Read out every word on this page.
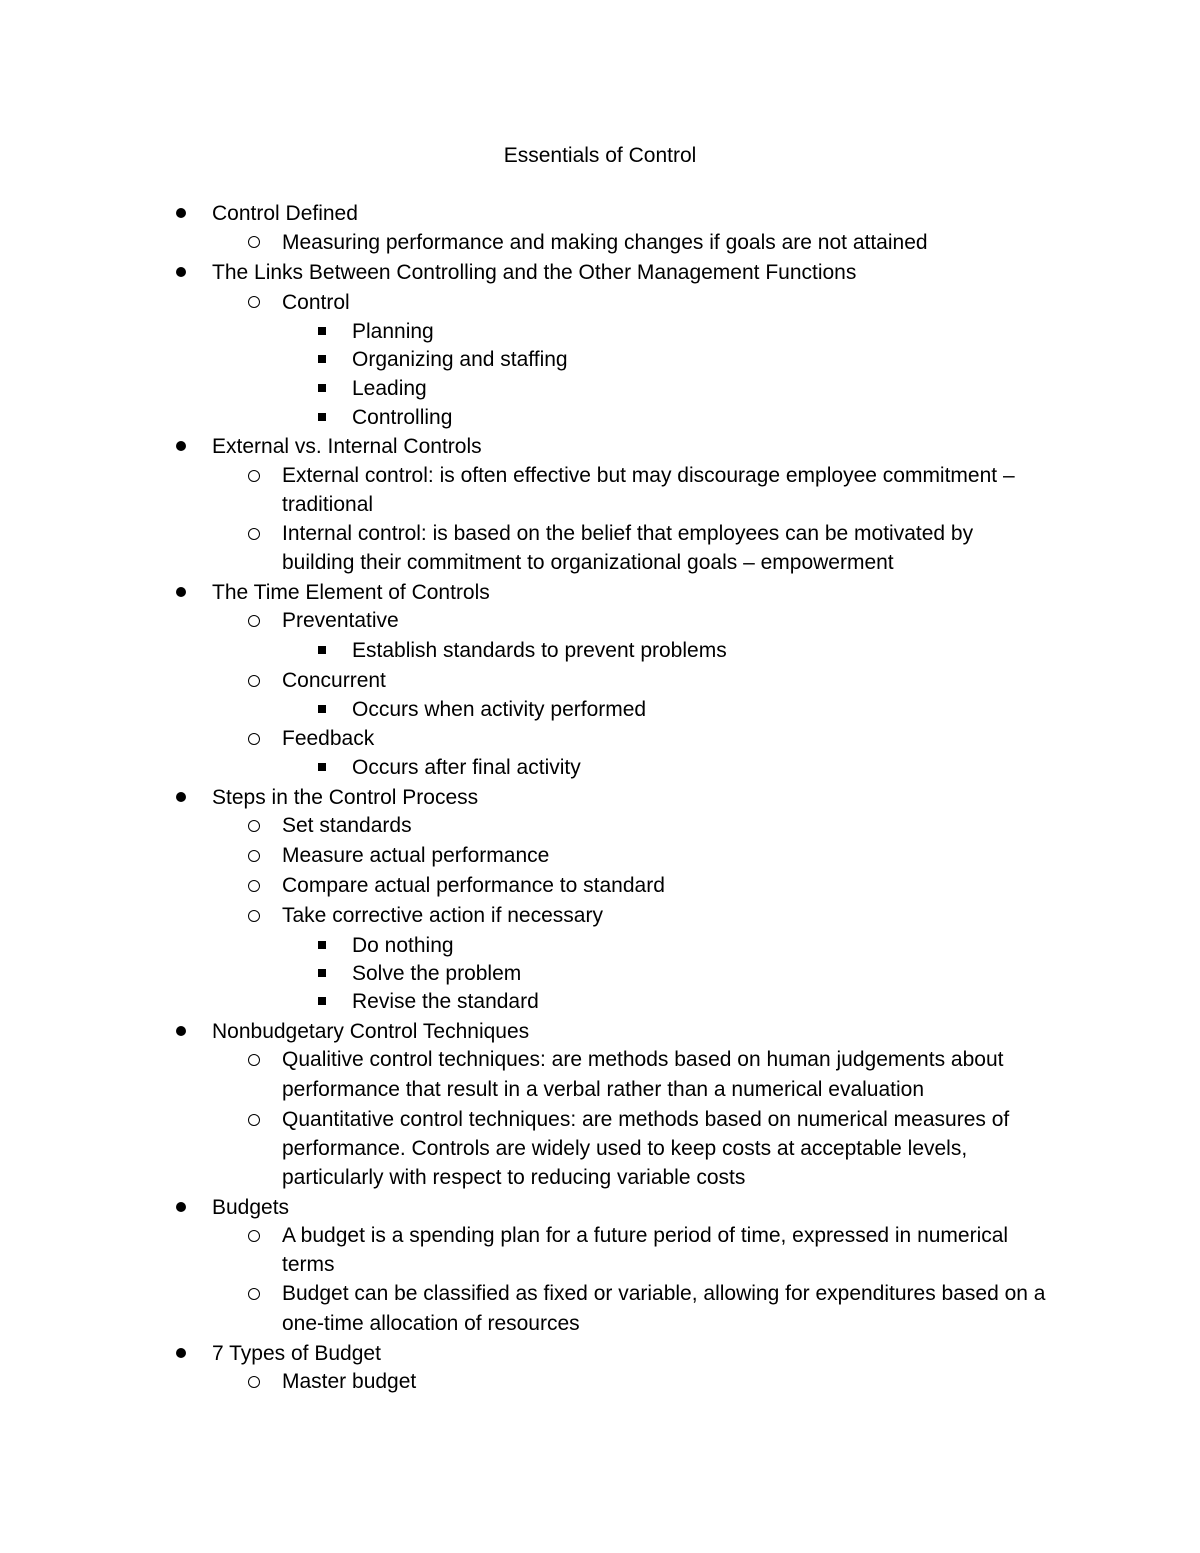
Essentials of Control
Control Defined
Measuring performance and making changes if goals are not attained
The Links Between Controlling and the Other Management Functions
Control
Planning
Organizing and staffing
Leading
Controlling
External vs. Internal Controls
External control: is often effective but may discourage employee commitment –
traditional
Internal control: is based on the belief that employees can be motivated by
building their commitment to organizational goals – empowerment
The Time Element of Controls
Preventative
Establish standards to prevent problems
Concurrent
Occurs when activity performed
Feedback
Occurs after final activity
Steps in the Control Process
Set standards
Measure actual performance
Compare actual performance to standard
Take corrective action if necessary
Do nothing
Solve the problem
Revise the standard
Nonbudgetary Control Techniques
Qualitive control techniques: are methods based on human judgements about
performance that result in a verbal rather than a numerical evaluation
Quantitative control techniques: are methods based on numerical measures of
performance. Controls are widely used to keep costs at acceptable levels,
particularly with respect to reducing variable costs
Budgets
A budget is a spending plan for a future period of time, expressed in numerical
terms
Budget can be classified as fixed or variable, allowing for expenditures based on a
one-time allocation of resources
7 Types of Budget
Master budget
